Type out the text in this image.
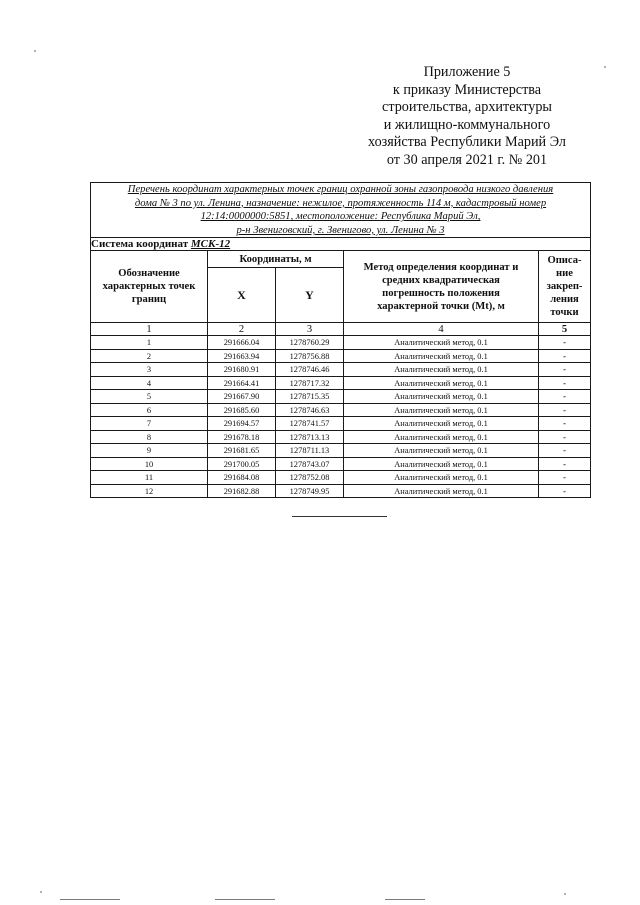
Приложение 5
к приказу Министерства
строительства, архитектуры
и жилищно-коммунального
хозяйства Республики Марий Эл
от 30 апреля 2021 г. № 201
Перечень координат характерных точек границ охранной зоны газопровода низкого давления
дома № 3 по ул. Ленина, назначение: нежилое, протяженность 114 м, кадастровый номер
12:14:0000000:5851, местоположение: Республика Марий Эл,
р-н Звениговский, г. Звенигово, ул. Ленина № 3				

Система координат МСК-12				
Обозначение
характерных точек
границ	Координаты, м		Метод определения координат и
средних квадратическая
погрешность положения
характерной точки (Mt), м	Описа-
ние
закреп-
ления
точки
	X	Y		
1	2	3	4	5
1	291666.04	1278760.29	Аналитический метод, 0.1	-
2	291663.94	1278756.88	Аналитический метод, 0.1	-
3	291680.91	1278746.46	Аналитический метод, 0.1	-
4	291664.41	1278717.32	Аналитический метод, 0.1	-
5	291667.90	1278715.35	Аналитический метод, 0.1	-
6	291685.60	1278746.63	Аналитический метод, 0.1	-
7	291694.57	1278741.57	Аналитический метод, 0.1	-
8	291678.18	1278713.13	Аналитический метод, 0.1	-
9	291681.65	1278711.13	Аналитический метод, 0.1	-
10	291700.05	1278743.07	Аналитический метод, 0.1	-
11	291684.08	1278752.08	Аналитический метод, 0.1	-
12	291682.88	1278749.95	Аналитический метод, 0.1	-
